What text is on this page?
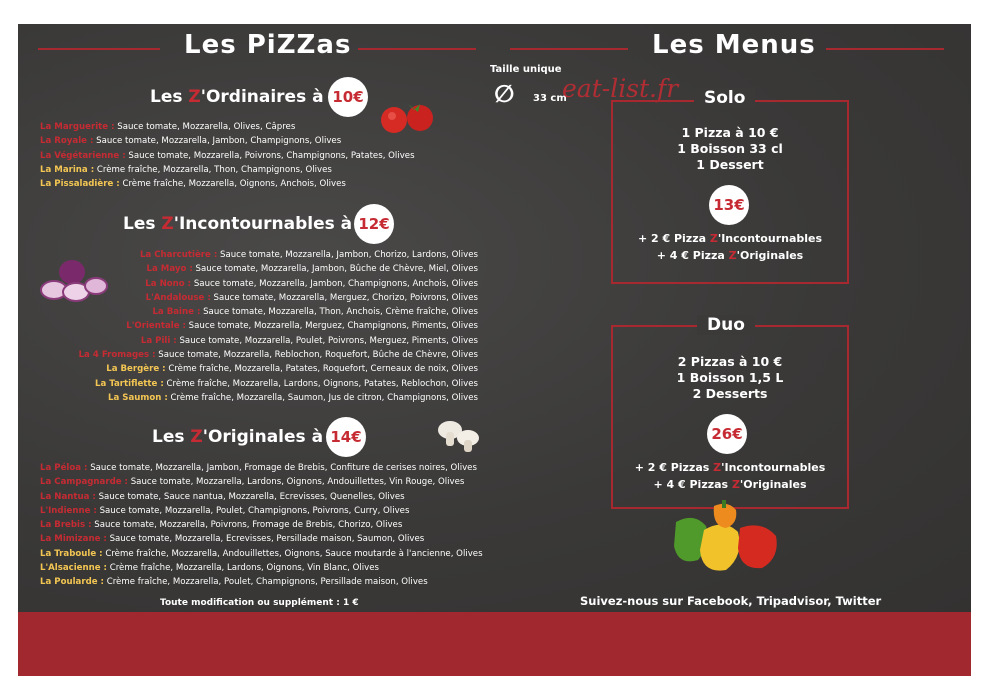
Les PiZZas
Les Z'Ordinaires à 10€
La Marguerite : Sauce tomate, Mozzarella, Olives, Câpres
La Royale : Sauce tomate, Mozzarella, Jambon, Champignons, Olives
La Végétarienne : Sauce tomate, Mozzarella, Poivrons, Champignons, Patates, Olives
La Marina : Crème fraîche, Mozzarella, Thon, Champignons, Olives
La Pissaladière : Crème fraîche, Mozzarella, Oignons, Anchois, Olives
Les Z'Incontournables à 12€
La Charcutière : Sauce tomate, Mozzarella, Jambon, Chorizo, Lardons, Olives
La Mayo : Sauce tomate, Mozzarella, Jambon, Bûche de Chèvre, Miel, Olives
La Nono : Sauce tomate, Mozzarella, Jambon, Champignons, Anchois, Olives
L'Andalouse : Sauce tomate, Mozzarella, Merguez, Chorizo, Poivrons, Olives
La Baine : Sauce tomate, Mozzarella, Thon, Anchois, Crème fraîche, Olives
L'Orientale : Sauce tomate, Mozzarella, Merguez, Champignons, Piments, Olives
La Pili : Sauce tomate, Mozzarella, Poulet, Poivrons, Merguez, Piments, Olives
La 4 Fromages : Sauce tomate, Mozzarella, Reblochon, Roquefort, Bûche de Chèvre, Olives
La Bergère : Crème fraîche, Mozzarella, Patates, Roquefort, Cerneaux de noix, Olives
La Tartiflette : Crème fraîche, Mozzarella, Lardons, Oignons, Patates, Reblochon, Olives
La Saumon : Crème fraîche, Mozzarella, Saumon, Jus de citron, Champignons, Olives
Les Z'Originales à 14€
La Péloa : Sauce tomate, Mozzarella, Jambon, Fromage de Brebis, Confiture de cerises noires, Olives
La Campagnarde : Sauce tomate, Mozzarella, Lardons, Oignons, Andouillettes, Vin Rouge, Olives
La Nantua : Sauce tomate, Sauce nantua, Mozzarella, Ecrevisses, Quenelles, Olives
L'Indienne : Sauce tomate, Mozzarella, Poulet, Champignons, Poivrons, Curry, Olives
La Brebis : Sauce tomate, Mozzarella, Poivrons, Fromage de Brebis, Chorizo, Olives
La Mimizane : Sauce tomate, Mozzarella, Ecrevisses, Persillade maison, Saumon, Olives
La Traboule : Crème fraîche, Mozzarella, Andouillettes, Oignons, Sauce moutarde à l'ancienne, Olives
L'Alsacienne : Crème fraîche, Mozzarella, Lardons, Oignons, Vin Blanc, Olives
La Poularde : Crème fraîche, Mozzarella, Poulet, Champignons, Persillade maison, Olives
Toute modification ou supplément : 1 €
Taille unique
∅ 33 cm
eat-list.fr
Les Menus
Solo
1 Pizza à 10 €
1 Boisson 33 cl
1 Dessert
13€
+ 2 € Pizza Z'Incontournables
+ 4 € Pizza Z'Originales
Duo
2 Pizzas à 10 €
1 Boisson 1,5 L
2 Desserts
26€
+ 2 € Pizzas Z'Incontournables
+ 4 € Pizzas Z'Originales
Suivez-nous sur Facebook, Tripadvisor, Twitter
